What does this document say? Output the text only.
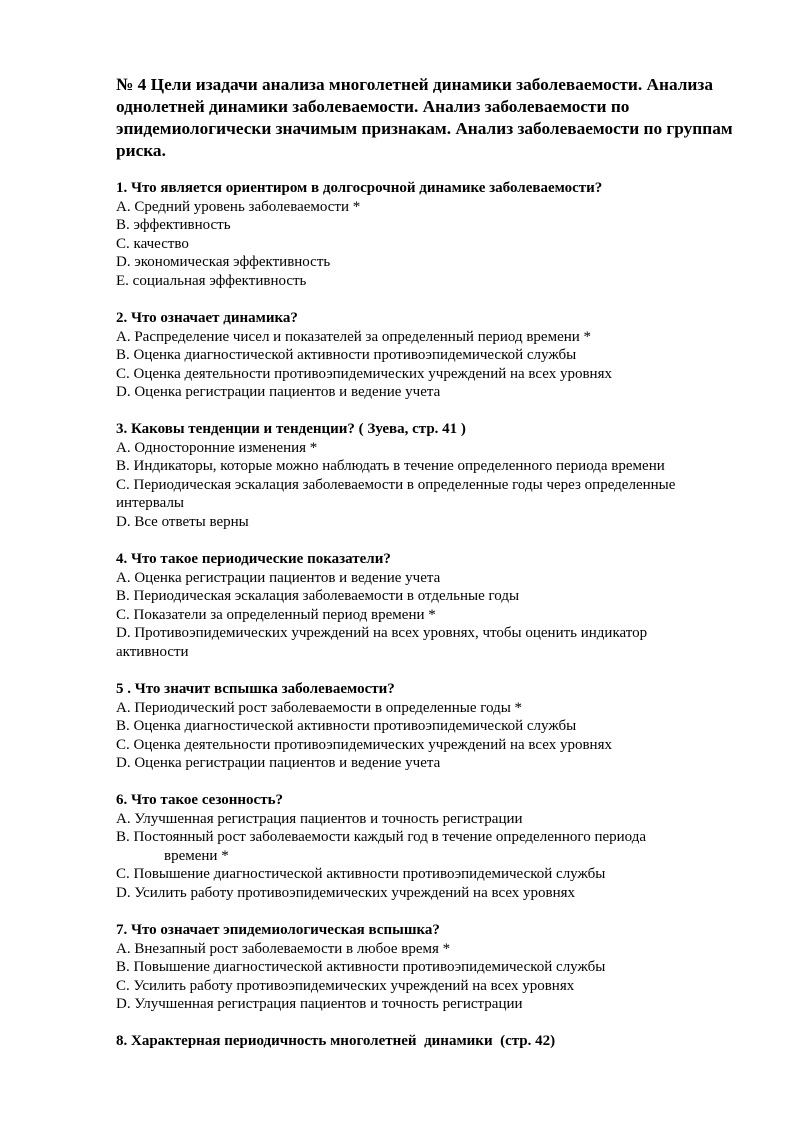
№ 4 Цели изадачи анализа многолетней динамики заболеваемости. Анализа однолетней динамики заболеваемости. Анализ заболеваемости по эпидемиологически значимым признакам. Анализ заболеваемости по группам риска.

1. Что является ориентиром в долгосрочной динамике заболеваемости?

A. Средний уровень заболеваемости *

B. эффективность

C. качество

D. экономическая эффективность

E. социальная эффективность

2. Что означает динамика?

A. Распределение чисел и показателей за определенный период времени *

B. Оценка диагностической активности противоэпидемической службы

C. Оценка деятельности противоэпидемических учреждений на всех уровнях

D. Оценка регистрации пациентов и ведение учета

3. Каковы тенденции и тенденции? ( Зуева, стр. 41 )

A. Односторонние изменения *

B. Индикаторы, которые можно наблюдать в течение определенного периода времени

C. Периодическая эскалация заболеваемости в определенные годы через определенные интервалы

D. Все ответы верны

4. Что такое периодические показатели?

A. Оценка регистрации пациентов и ведение учета

B. Периодическая эскалация заболеваемости в отдельные годы

C. Показатели за определенный период времени *

D. Противоэпидемических учреждений на всех уровнях, чтобы оценить индикатор активности

5 . Что значит вспышка заболеваемости?

A. Периодический рост заболеваемости в определенные годы *

B. Оценка диагностической активности противоэпидемической службы

C. Оценка деятельности противоэпидемических учреждений на всех уровнях

D. Оценка регистрации пациентов и ведение учета

6. Что такое сезонность?

A. Улучшенная регистрация пациентов и точность регистрации

B. Постоянный рост заболеваемости каждый год в течение определенного периода

времени *

C. Повышение диагностической активности противоэпидемической службы

D. Усилить работу противоэпидемических учреждений на всех уровнях

7. Что означает эпидемиологическая вспышка?

A. Внезапный рост заболеваемости в любое время *

B. Повышение диагностической активности противоэпидемической службы

C. Усилить работу противоэпидемических учреждений на всех уровнях

D. Улучшенная регистрация пациентов и точность регистрации

8. Характерная периодичность многолетней  динамики  (стр. 42)
